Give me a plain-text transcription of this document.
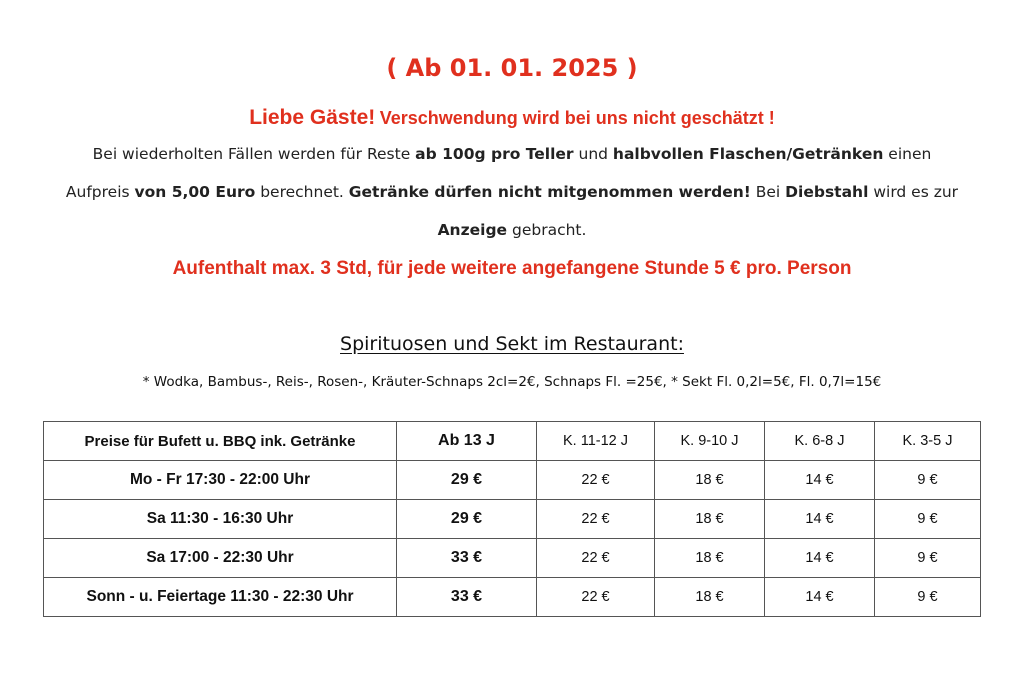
( Ab 01. 01. 2025 )
Liebe Gäste! Verschwendung wird bei uns nicht geschätzt !
Bei wiederholten Fällen werden für Reste ab 100g pro Teller und halbvollen Flaschen/Getränken einen
Aufpreis von 5,00 Euro berechnet. Getränke dürfen nicht mitgenommen werden! Bei Diebstahl wird es zur
Anzeige gebracht.
Aufenthalt max. 3 Std, für jede weitere angefangene Stunde 5 € pro. Person
Spirituosen und Sekt im Restaurant:
* Wodka, Bambus-, Reis-, Rosen-, Kräuter-Schnaps 2cl=2€, Schnaps Fl. =25€, * Sekt Fl. 0,2l=5€, Fl. 0,7l=15€
Preise für Bufett u. BBQ ink. Getränke	Ab 13 J	K. 11-12 J	K. 9-10 J	K. 6-8 J	K. 3-5 J
Mo - Fr 17:30 - 22:00 Uhr	29 €	22 €	18 €	14 €	9 €
Sa 11:30 - 16:30 Uhr	29 €	22 €	18 €	14 €	9 €
Sa 17:00 - 22:30 Uhr	33 €	22 €	18 €	14 €	9 €
Sonn - u. Feiertage 11:30 - 22:30 Uhr	33 €	22 €	18 €	14 €	9 €
